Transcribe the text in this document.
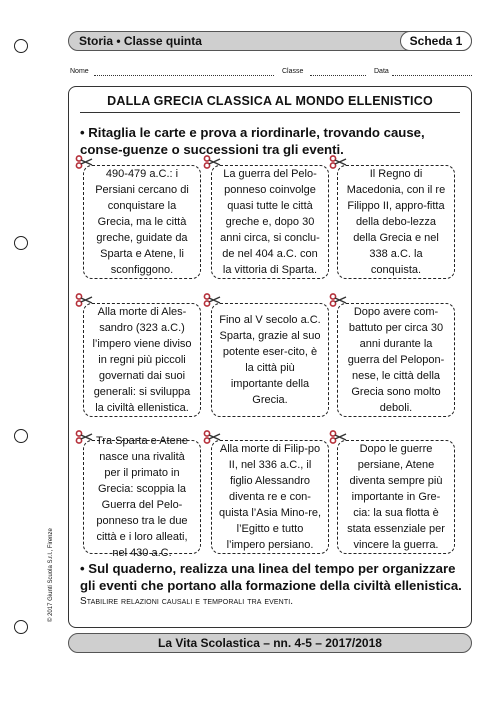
Storia • Classe quinta	Scheda 1
Nome	Classe	Data
DALLA GRECIA CLASSICA AL MONDO ELLENISTICO
• Ritaglia le carte e prova a riordinarle, trovando cause, conse-guenze o successioni tra gli eventi.
490-479 a.C.: i Persiani cercano di conquistare la Grecia, ma le città greche, guidate da Sparta e Atene, li sconfiggono.
La guerra del Pelo-ponneso coinvolge quasi tutte le città greche e, dopo 30 anni circa, si conclu-de nel 404 a.C. con la vittoria di Sparta.
Il Regno di Macedonia, con il re Filippo II, appro-fitta della debo-lezza della Grecia e nel 338 a.C. la conquista.
Alla morte di Ales-sandro (323 a.C.) l’impero viene diviso in regni più piccoli governati dai suoi generali: si sviluppa la civiltà ellenistica.
Fino al V secolo a.C. Sparta, grazie al suo potente eser-cito, è la città più importante della Grecia.
Dopo avere com-battuto per circa 30 anni durante la guerra del Pelopon-nese, le città della Grecia sono molto deboli.
Tra Sparta e Atene nasce una rivalità per il primato in Grecia: scoppia la Guerra del Pelo-ponneso tra le due città e i loro alleati, nel 430 a.C.
Alla morte di Filip-po II, nel 336 a.C., il figlio Alessandro diventa re e con-quista l’Asia Mino-re, l’Egitto e tutto l’impero persiano.
Dopo le guerre persiane, Atene diventa sempre più importante in Gre-cia: la sua flotta è stata essenziale per vincere la guerra.
• Sul quaderno, realizza una linea del tempo per organizzare gli eventi che portano alla formazione della civiltà ellenistica.
Stabilire relazioni causali e temporali tra eventi.
La Vita Scolastica – nn. 4-5 – 2017/2018
© 2017 Giunti Scuola S.r.l., Firenze
